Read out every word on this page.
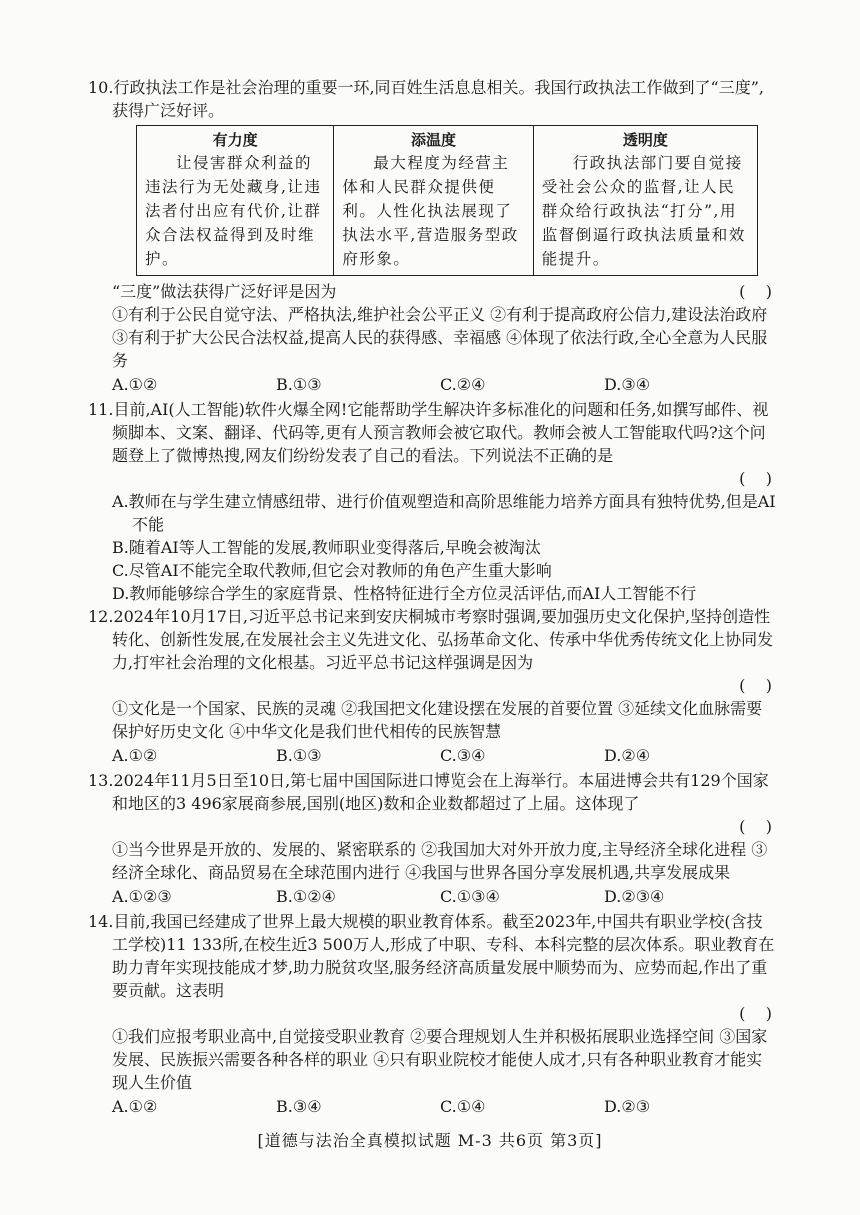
10.行政执法工作是社会治理的重要一环,同百姓生活息息相关。我国行政执法工作做到了“三度”,获得广泛好评。

有力度	添温度	透明度
让侵害群众利益的违法行为无处藏身,让违法者付出应有代价,让群众合法权益得到及时维护。	最大程度为经营主体和人民群众提供便利。人性化执法展现了执法水平,营造服务型政府形象。	行政执法部门要自觉接受社会公众的监督,让人民群众给行政执法“打分”,用监督倒逼行政执法质量和效能提升。
“三度”做法获得广泛好评是因为	(    )

①有利于公民自觉守法、严格执法,维护社会公平正义 ②有利于提高政府公信力,建设法治政府 ③有利于扩大公民合法权益,提高人民的获得感、幸福感 ④体现了依法行政,全心全意为人民服务

A.①②	B.①③	C.②④	D.③④

11.目前,AI(人工智能)软件火爆全网!它能帮助学生解决许多标准化的问题和任务,如撰写邮件、视频脚本、文案、翻译、代码等,更有人预言教师会被它取代。教师会被人工智能取代吗?这个问题登上了微博热搜,网友们纷纷发表了自己的看法。下列说法不正确的是

(    )
A.教师在与学生建立情感纽带、进行价值观塑造和高阶思维能力培养方面具有独特优势,但是AI不能
B.随着AI等人工智能的发展,教师职业变得落后,早晚会被淘汰
C.尽管AI不能完全取代教师,但它会对教师的角色产生重大影响
D.教师能够综合学生的家庭背景、性格特征进行全方位灵活评估,而AI人工智能不行

12.2024年10月17日,习近平总书记来到安庆桐城市考察时强调,要加强历史文化保护,坚持创造性转化、创新性发展,在发展社会主义先进文化、弘扬革命文化、传承中华优秀传统文化上协同发力,打牢社会治理的文化根基。习近平总书记这样强调是因为

(    )

①文化是一个国家、民族的灵魂 ②我国把文化建设摆在发展的首要位置 ③延续文化血脉需要保护好历史文化 ④中华文化是我们世代相传的民族智慧

A.①②	B.①③	C.③④	D.②④

13.2024年11月5日至10日,第七届中国国际进口博览会在上海举行。本届进博会共有129个国家和地区的3 496家展商参展,国别(地区)数和企业数都超过了上届。这体现了

(    )

①当今世界是开放的、发展的、紧密联系的 ②我国加大对外开放力度,主导经济全球化进程 ③经济全球化、商品贸易在全球范围内进行 ④我国与世界各国分享发展机遇,共享发展成果

A.①②③	B.①②④	C.①③④	D.②③④

14.目前,我国已经建成了世界上最大规模的职业教育体系。截至2023年,中国共有职业学校(含技工学校)11 133所,在校生近3 500万人,形成了中职、专科、本科完整的层次体系。职业教育在助力青年实现技能成才梦,助力脱贫攻坚,服务经济高质量发展中顺势而为、应势而起,作出了重要贡献。这表明

(    )

①我们应报考职业高中,自觉接受职业教育 ②要合理规划人生并积极拓展职业选择空间 ③国家发展、民族振兴需要各种各样的职业 ④只有职业院校才能使人成才,只有各种职业教育才能实现人生价值

A.①②	B.③④	C.①④	D.②③
[道德与法治全真模拟试题 M-3 共6页 第3页]
